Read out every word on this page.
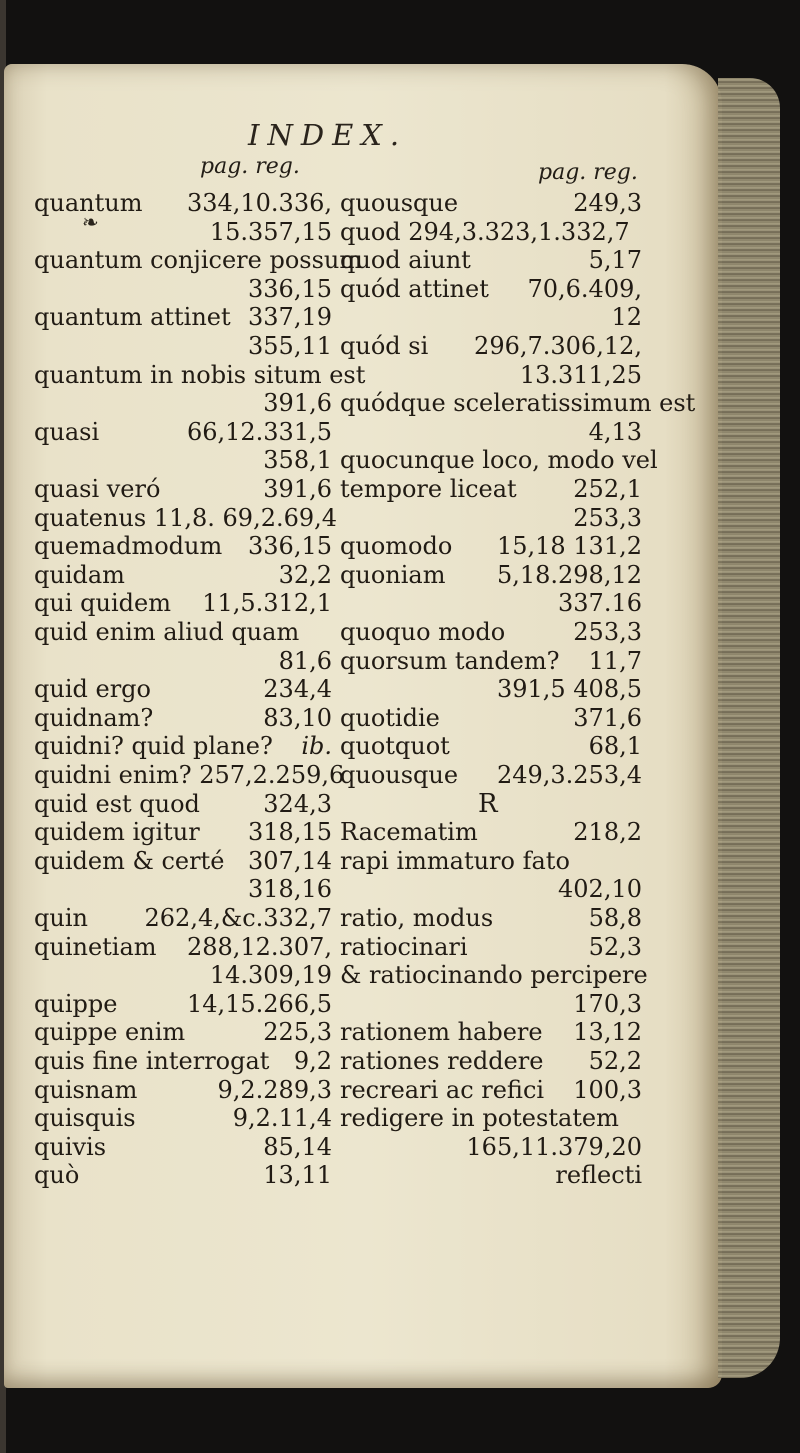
INDEX.
pag. reg.
quantum 334,10.336,
15.357,15
quantum conjicere possum
336,15
quantum attinet 337,19
355,11
quantum in nobis situm est
391,6
quasi	66,12.331,5
358,1
quasi veró	391,6
quatenus 11,8. 69,2.69,4
quemadmodum 336,15
quidam	32,2
qui quidem 11,5.312,1
quid enim aliud quam
81,6
quid ergo	234,4
quidnam?	83,10
quidni? quid plane? ib.
quidni enim? 257,2.259,6
quid est quod	324,3
quidem igitur 318,15
quidem & certé 307,14
318,16
quin 262,4,&c.332,7
quinetiam 288,12.307,
14.309,19
quippe	14,15.266,5
quippe enim	225,3
quis fine interrogat 9,2
quisnam	9,2.289,3
quisquis	9,2.11,4
quivis	85,14
quò	13,11
pag. reg.
quousque	249,3
quod 294,3.323,1.332,7
quod aiunt	5,17
quód attinet 70,6.409,
12
quód si 296,7.306,12,
13.311,25
quódque sceleratissimum est
4,13
quocunque loco, modo vel
tempore liceat 252,1
253,3
quomodo 15,18 131,2
quoniam 5,18.298,12
337.16
quoquo modo	253,3
quorsum tandem? 11,7
391,5 408,5
quotidie	371,6
quotquot	68,1
quousque 249,3.253,4
R
Racematim	218,2
rapi immaturo fato
402,10
ratio, modus	58,8
ratiocinari	52,3
& ratiocinando percipere
170,3
rationem habere 13,12
rationes reddere 52,2
recreari ac refici 100,3
redigere in potestatem
165,11.379,20
reflecti
❧
